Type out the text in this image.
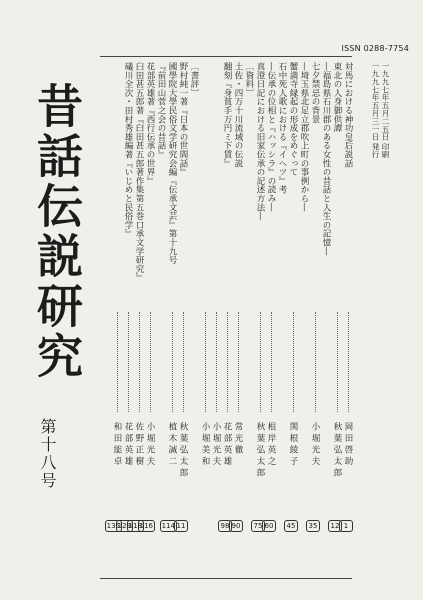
ISSN 0288-7754
昔話伝説研究
第十八号
一九九七年五月二五日 印刷
一九九七年五月三一日 発行
対馬における神功皇后説話
岡田啓助
1
東北の人身御供譚
秋葉弘太郎
12
―福島県石川郡のある女性の昔話と人生の記憶―
七夕禁忌の背景
小堀光夫
35
―埼玉県北足立郡吹上町の事例から―
蟹満寺縁起の形成をめぐって
関根綾子
45
石中死人歌における『イヘツ』考
―伝承の位相と『ハッシラ』の読み―
根岸英之
60
真澄日記における旧家伝承の記述方法―
秋葉弘太郎
75
〔資料〕
土佐・四万十川流域の伝説
常光徹
90
翻刻『身貧手万円ミ下賃』
花部英雄
98
小堀光夫
小堀美和
〔書評〕
野村純一著『日本の世間話』
秋葉弘太郎
11
國學院大學民俗文学研究会編『伝承文芸』第十九号
植木誠二
114
『前田山菅之会の昔話』
花部英雄著『西行伝承の世界』
小堀光夫
116
臼田甚五郎著『臼田甚五郎著作集第五巻口承文学研究』
佐野正樹
118
礒川全次・田村秀雄編著『いじめと民俗学』
花部英雄
129
和田能卓
135
